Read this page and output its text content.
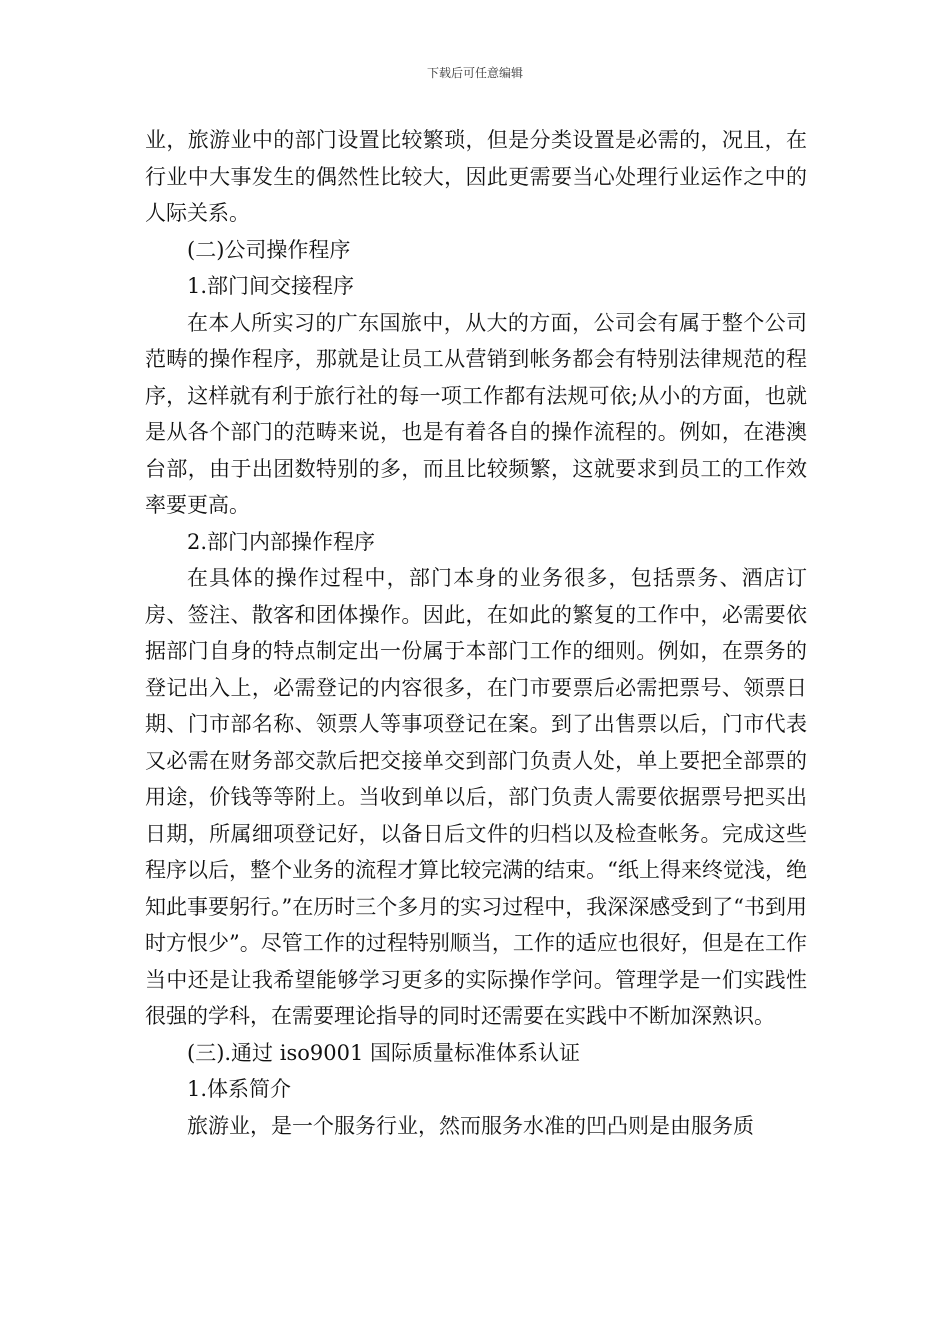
下载后可任意编辑

业，旅游业中的部门设置比较繁琐，但是分类设置是必需的，况且，在行业中大事发生的偶然性比较大，因此更需要当心处理行业运作之中的人际关系。

(二)公司操作程序

1.部门间交接程序

在本人所实习的广东国旅中，从大的方面，公司会有属于整个公司范畴的操作程序，那就是让员工从营销到帐务都会有特别法律规范的程序，这样就有利于旅行社的每一项工作都有法规可依;从小的方面，也就是从各个部门的范畴来说，也是有着各自的操作流程的。例如，在港澳台部，由于出团数特别的多，而且比较频繁，这就要求到员工的工作效率要更高。

2.部门内部操作程序

在具体的操作过程中，部门本身的业务很多，包括票务、酒店订房、签注、散客和团体操作。因此，在如此的繁复的工作中，必需要依据部门自身的特点制定出一份属于本部门工作的细则。例如，在票务的登记出入上，必需登记的内容很多，在门市要票后必需把票号、领票日期、门市部名称、领票人等事项登记在案。到了出售票以后，门市代表又必需在财务部交款后把交接单交到部门负责人处，单上要把全部票的用途，价钱等等附上。当收到单以后，部门负责人需要依据票号把买出日期，所属细项登记好，以备日后文件的归档以及检查帐务。完成这些程序以后，整个业务的流程才算比较完满的结束。“纸上得来终觉浅，绝知此事要躬行。”在历时三个多月的实习过程中，我深深感受到了“书到用时方恨少”。尽管工作的过程特别顺当，工作的适应也很好，但是在工作当中还是让我希望能够学习更多的实际操作学问。管理学是一们实践性很强的学科，在需要理论指导的同时还需要在实践中不断加深熟识。

(三).通过 iso9001 国际质量标准体系认证

1.体系简介

旅游业，是一个服务行业，然而服务水准的凹凸则是由服务质
